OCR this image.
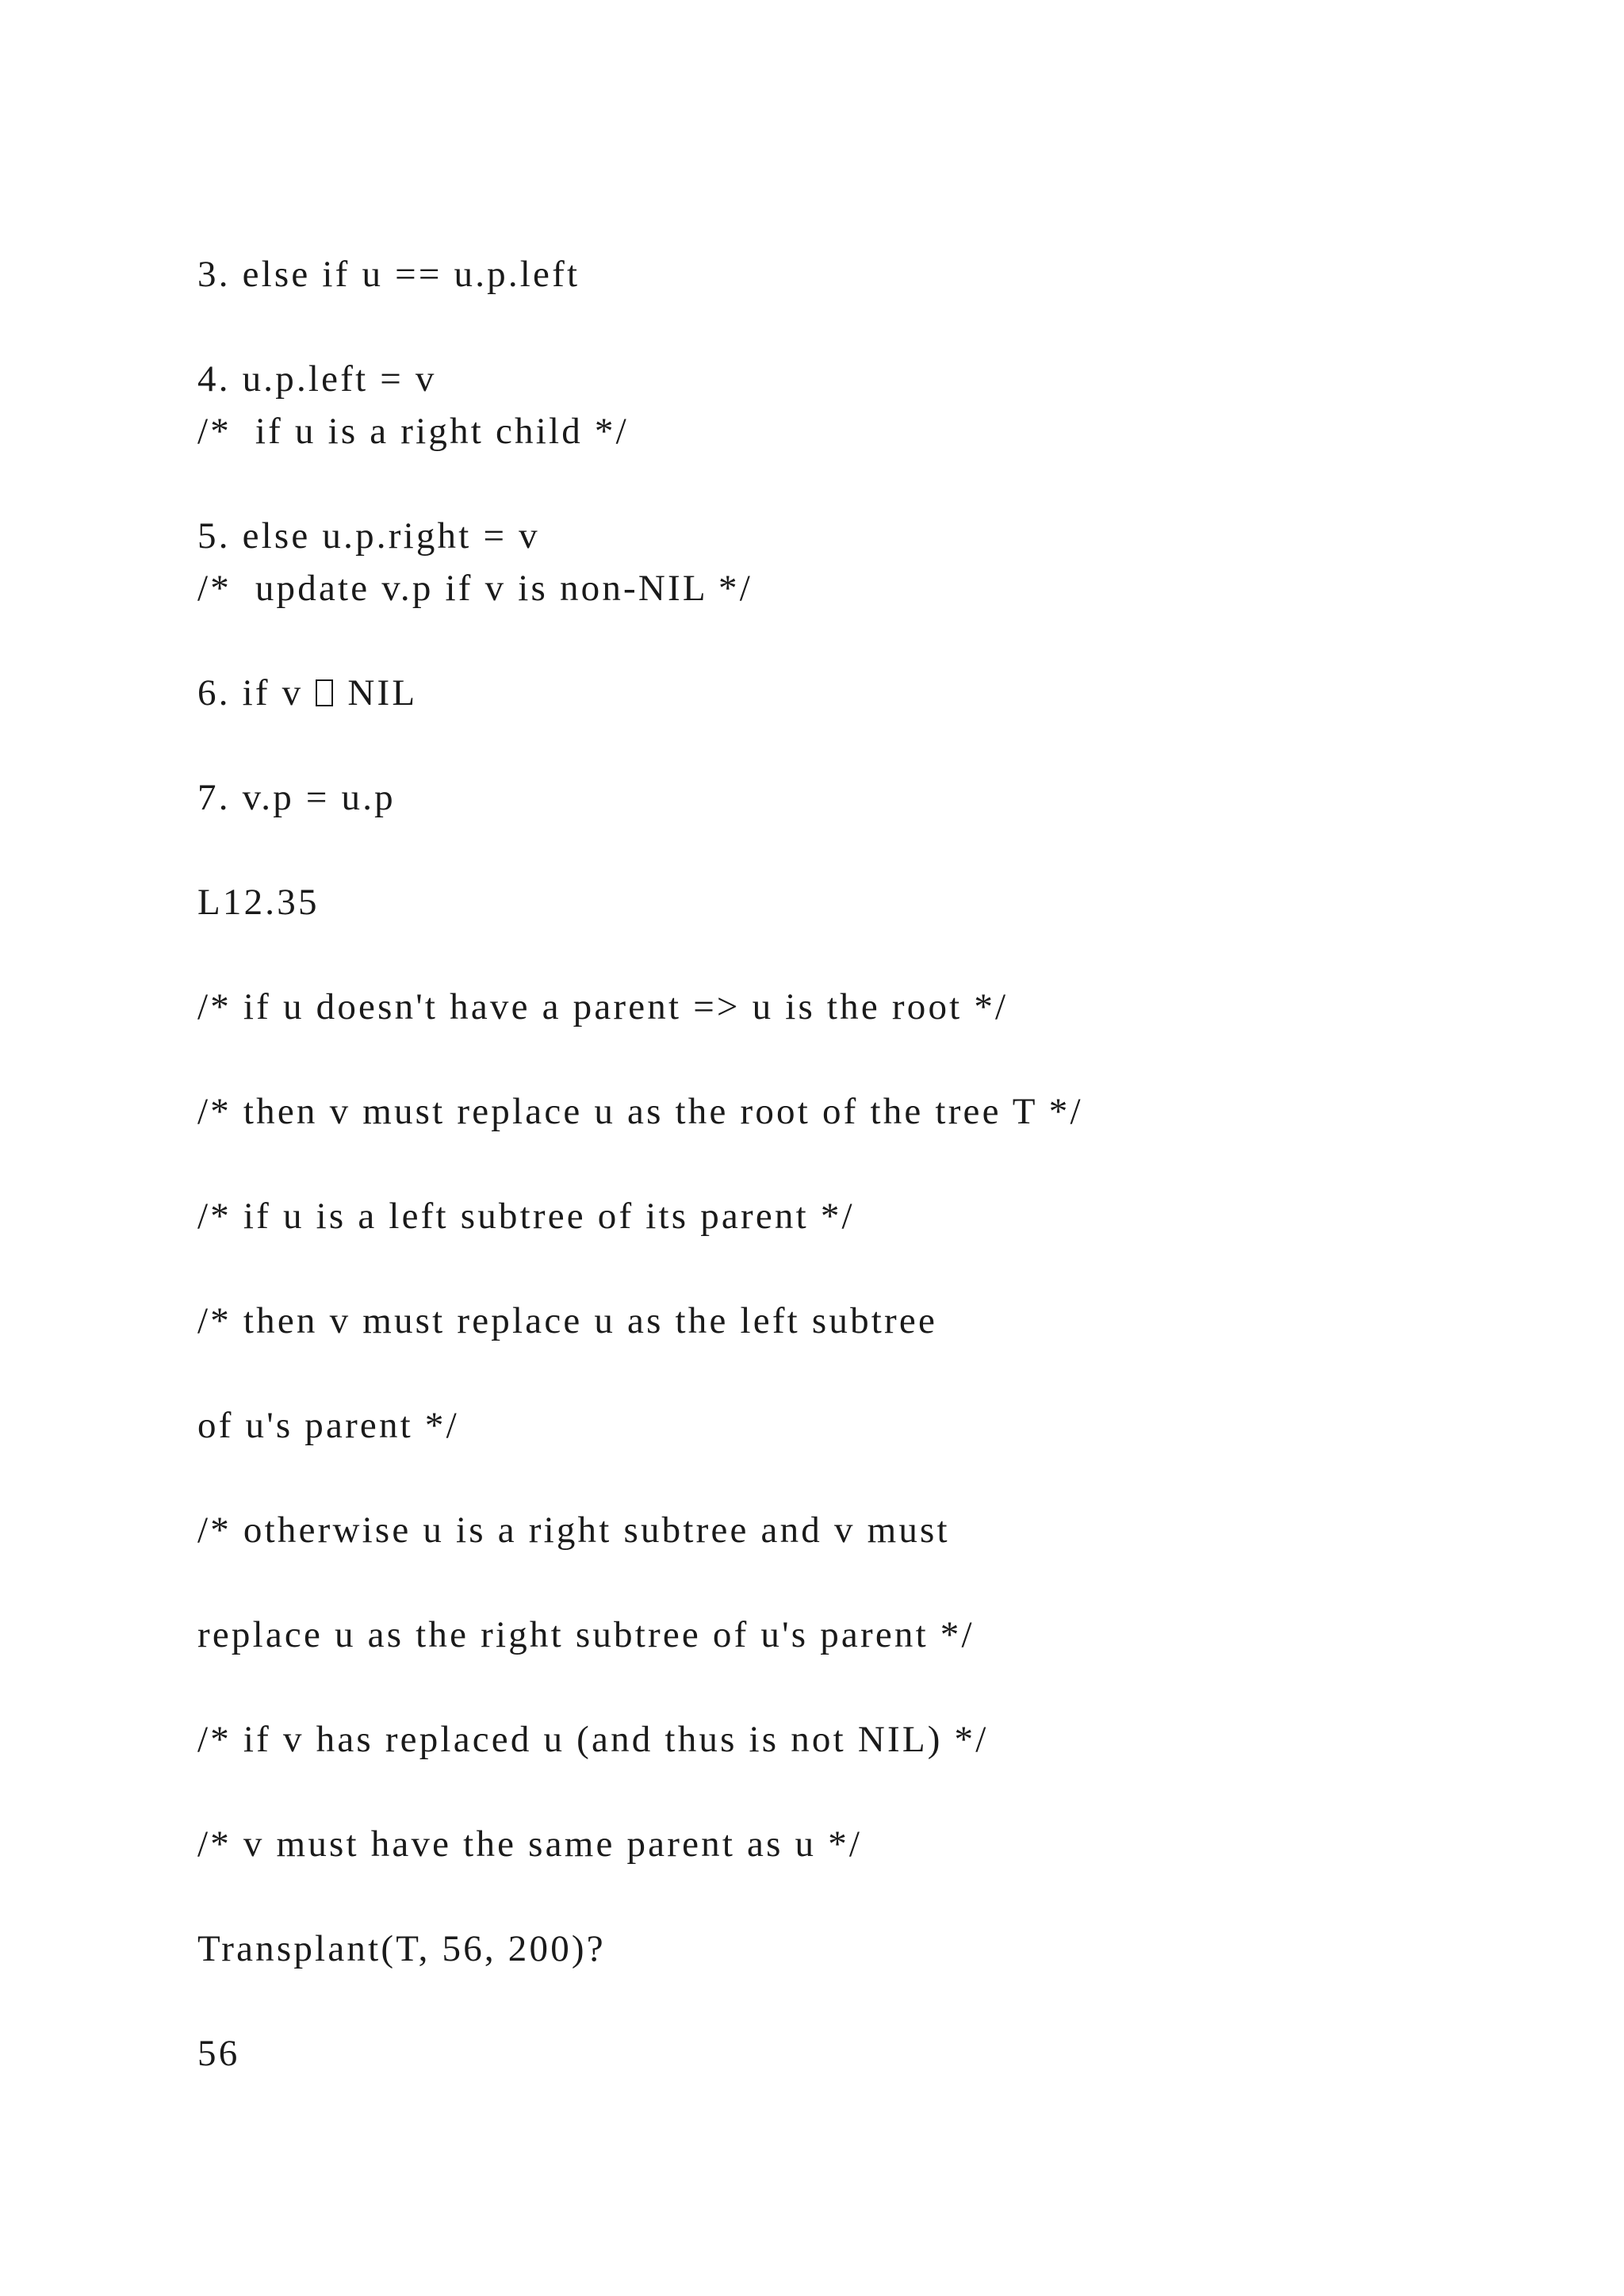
3. else if u == u.p.left
4. u.p.left = v
/*  if u is a right child */
5. else u.p.right = v
/*  update v.p if v is non-NIL */
6. if v NIL
7. v.p = u.p
L12.35
/* if u doesn't have a parent => u is the root */
/* then v must replace u as the root of the tree T */
/* if u is a left subtree of its parent */
/* then v must replace u as the left subtree
of u's parent */
/* otherwise u is a right subtree and v must
replace u as the right subtree of u's parent */
/* if v has replaced u (and thus is not NIL) */
/* v must have the same parent as u */
Transplant(T, 56, 200)?
56
